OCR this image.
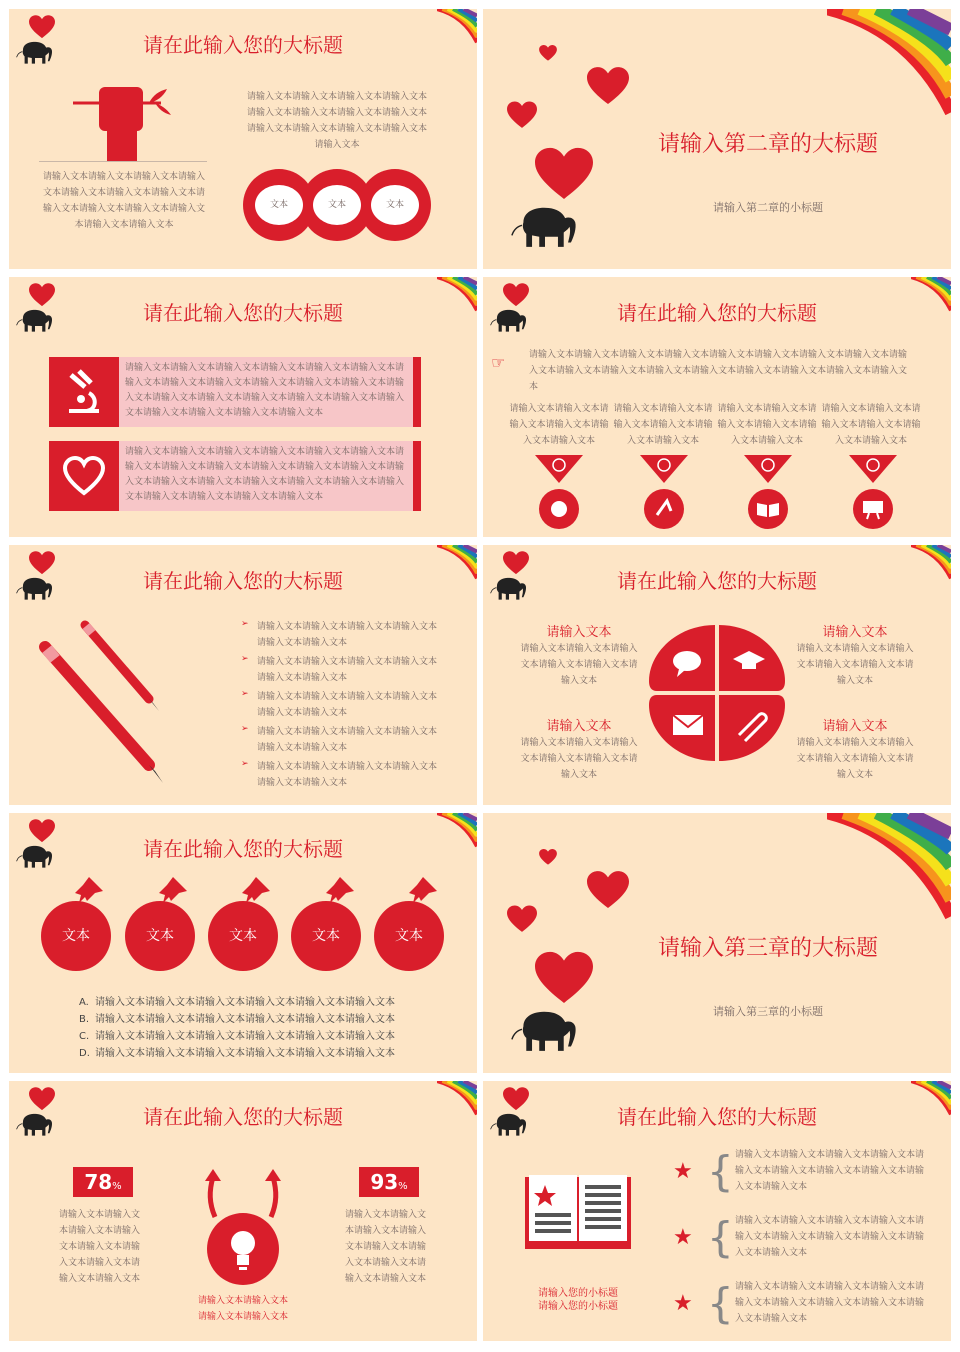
请在此输入您的大标题
请输入文本请输入文本请输入文本请输入文本请输入文本请输入文本请输入文本请输入文本请输入文本请输入文本请输入文本请输入文本请输入文本
请输入文本请输入文本请输入文本请输入文本请输入文本请输入文本请输入文本请输入文本请输入文本请输入文本请输入文本请输入文本请输入文本
文本	文本	文本
请输入第二章的大标题
请输入第二章的小标题
请在此输入您的大标题
请输入文本请输入文本请输入文本请输入文本请输入文本请输入文本请输入文本请输入文本请输入文本请输入文本请输入文本请输入文本请输入文本请输入文本请输入文本请输入文本请输入文本请输入文本请输入文本请输入文本请输入文本请输入文本请输入文本
请输入文本请输入文本请输入文本请输入文本请输入文本请输入文本请输入文本请输入文本请输入文本请输入文本请输入文本请输入文本请输入文本请输入文本请输入文本请输入文本请输入文本请输入文本请输入文本请输入文本请输入文本请输入文本请输入文本
请在此输入您的大标题
☞	请输入文本请输入文本请输入文本请输入文本请输入文本请输入文本请输入文本请输入文本请输入文本请输入文本请输入文本请输入文本请输入文本请输入文本请输入文本请输入文本请输入文本
请输入文本请输入文本请输入文本请输入文本请输入文本请输入文本
请输入文本请输入文本请输入文本请输入文本请输入文本请输入文本
请输入文本请输入文本请输入文本请输入文本请输入文本请输入文本
请输入文本请输入文本请输入文本请输入文本请输入文本请输入文本
请在此输入您的大标题
➢ 请输入文本请输入文本请输入文本请输入文本请输入文本请输入文本
➢ 请输入文本请输入文本请输入文本请输入文本请输入文本请输入文本
➢ 请输入文本请输入文本请输入文本请输入文本请输入文本请输入文本
➢ 请输入文本请输入文本请输入文本请输入文本请输入文本请输入文本
➢ 请输入文本请输入文本请输入文本请输入文本请输入文本请输入文本
请在此输入您的大标题
请输入文本
请输入文本请输入文本请输入文本请输入文本请输入文本请输入文本
请输入文本
请输入文本请输入文本请输入文本请输入文本请输入文本请输入文本
请输入文本
请输入文本请输入文本请输入文本请输入文本请输入文本请输入文本
请输入文本
请输入文本请输入文本请输入文本请输入文本请输入文本请输入文本
请在此输入您的大标题
文本	文本	文本	文本	文本
A. 请输入文本请输入文本请输入文本请输入文本请输入文本请输入文本
B. 请输入文本请输入文本请输入文本请输入文本请输入文本请输入文本
C. 请输入文本请输入文本请输入文本请输入文本请输入文本请输入文本
D. 请输入文本请输入文本请输入文本请输入文本请输入文本请输入文本
请输入第三章的大标题
请输入第三章的小标题
请在此输入您的大标题
78%
请输入文本请输入文本请输入文本请输入文本请输入文本请输入文本请输入文本请输入文本请输入文本
93%
请输入文本请输入文本请输入文本请输入文本请输入文本请输入文本请输入文本请输入文本请输入文本
请输入文本请输入文本
请输入文本请输入文本
请在此输入您的大标题
请输入您的小标题
请输入您的小标题
★ { 请输入文本请输入文本请输入文本请输入文本请输入文本请输入文本请输入文本请输入文本请输入文本请输入文本
★ { 请输入文本请输入文本请输入文本请输入文本请输入文本请输入文本请输入文本请输入文本请输入文本请输入文本
★ { 请输入文本请输入文本请输入文本请输入文本请输入文本请输入文本请输入文本请输入文本请输入文本请输入文本
